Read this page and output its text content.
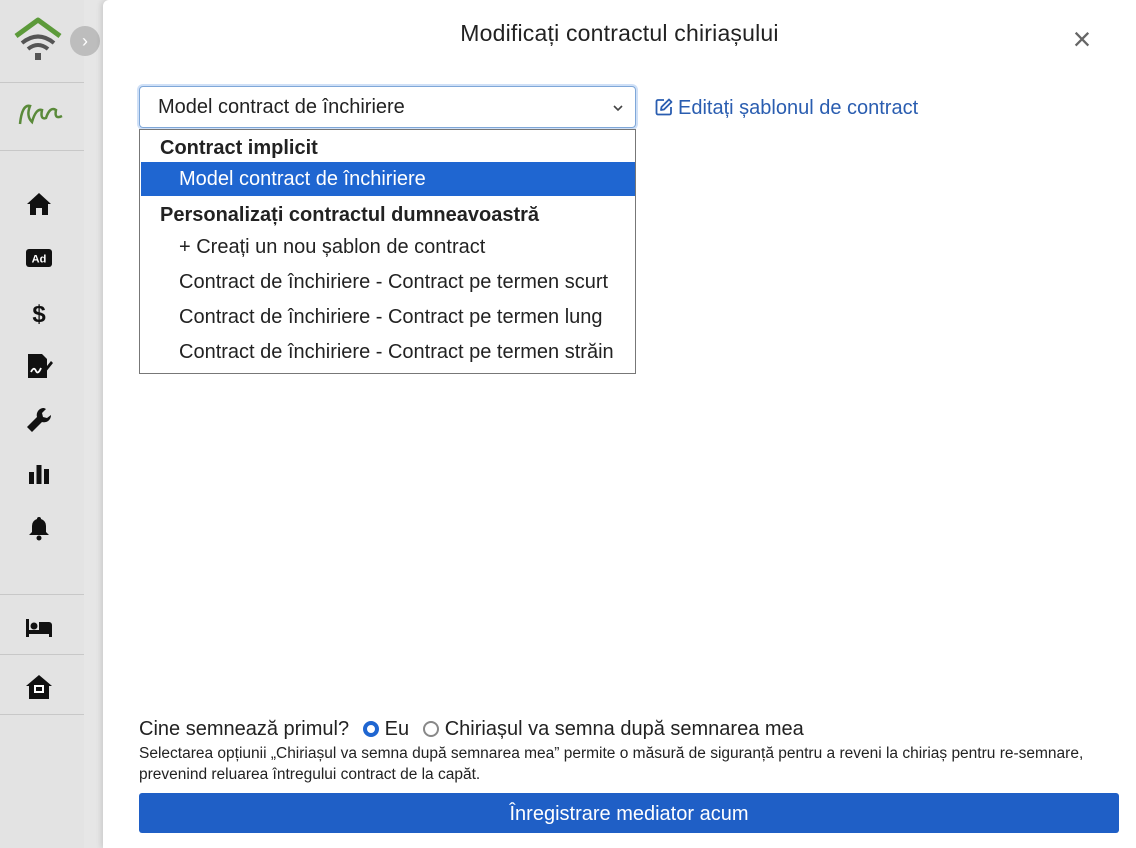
›
Ad
$
Modificați contractul chiriașului	×
Model contract de închiriere	Editați șablonul de contract
Contract implicit
Model contract de închiriere
Personalizați contractul dumneavoastră
+ Creați un nou șablon de contract
Contract de închiriere - Contract pe termen scurt
Contract de închiriere - Contract pe termen lung
Contract de închiriere - Contract pe termen străin
Cine semnează primul? Eu Chiriașul va semna după semnarea mea
Selectarea opțiunii „Chiriașul va semna după semnarea mea” permite o măsură de siguranță pentru a reveni la chiriaș pentru re-semnare, prevenind reluarea întregului contract de la capăt.
Înregistrare mediator acum
